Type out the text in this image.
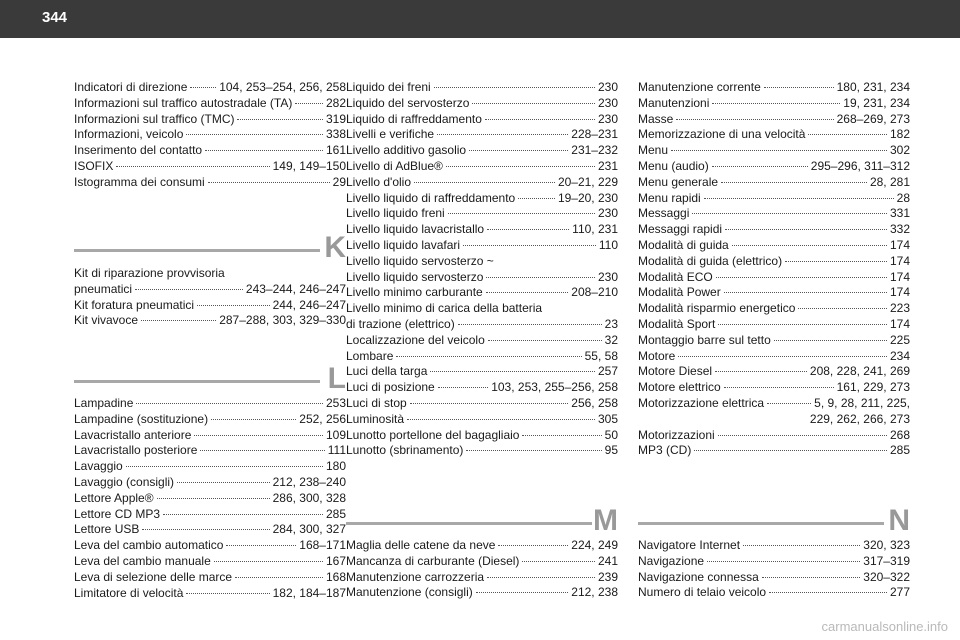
344
Indicatori di direzione	104, 253–254, 256, 258
Informazioni sul traffico autostradale (TA)	282
Informazioni sul traffico (TMC)	319
Informazioni, veicolo	338
Inserimento del contatto	161
ISOFIX	149, 149–150
Istogramma dei consumi	29
K
Kit di riparazione provvisoria
pneumatici	243–244, 246–247
Kit foratura pneumatici	244, 246–247
Kit vivavoce	287–288, 303, 329–330
L
Lampadine	253
Lampadine (sostituzione)	252, 256
Lavacristallo anteriore	109
Lavacristallo posteriore	111
Lavaggio	180
Lavaggio (consigli)	212, 238–240
Lettore Apple®	286, 300, 328
Lettore CD MP3	285
Lettore USB	284, 300, 327
Leva del cambio automatico	168–171
Leva del cambio manuale	167
Leva di selezione delle marce	168
Limitatore di velocità	182, 184–187
Liquido dei freni	230
Liquido del servosterzo	230
Liquido di raffreddamento	230
Livelli e verifiche	228–231
Livello additivo gasolio	231–232
Livello di AdBlue®	231
Livello d'olio	20–21, 229
Livello liquido di raffreddamento	19–20, 230
Livello liquido freni	230
Livello liquido lavacristallo	110, 231
Livello liquido lavafari	110
Livello liquido servosterzo ~
Livello liquido servosterzo	230
Livello minimo carburante	208–210
Livello minimo di carica della batteria
di trazione (elettrico)	23
Localizzazione del veicolo	32
Lombare	55, 58
Luci della targa	257
Luci di posizione	103, 253, 255–256, 258
Luci di stop	256, 258
Luminosità	305
Lunotto portellone del bagagliaio	50
Lunotto (sbrinamento)	95
M
Maglia delle catene da neve	224, 249
Mancanza di carburante (Diesel)	241
Manutenzione carrozzeria	239
Manutenzione (consigli)	212, 238
Manutenzione corrente	180, 231, 234
Manutenzioni	19, 231, 234
Masse	268–269, 273
Memorizzazione di una velocità	182
Menu	302
Menu (audio)	295–296, 311–312
Menu generale	28, 281
Menu rapidi	28
Messaggi	331
Messaggi rapidi	332
Modalità di guida	174
Modalità di guida (elettrico)	174
Modalità ECO	174
Modalità Power	174
Modalità risparmio energetico	223
Modalità Sport	174
Montaggio barre sul tetto	225
Motore	234
Motore Diesel	208, 228, 241, 269
Motore elettrico	161, 229, 273
Motorizzazione elettrica	5, 9, 28, 211, 225,
229, 262, 266, 273
Motorizzazioni	268
MP3 (CD)	285
N
Navigatore Internet	320, 323
Navigazione	317–319
Navigazione connessa	320–322
Numero di telaio veicolo	277
carmanualsonline.info
